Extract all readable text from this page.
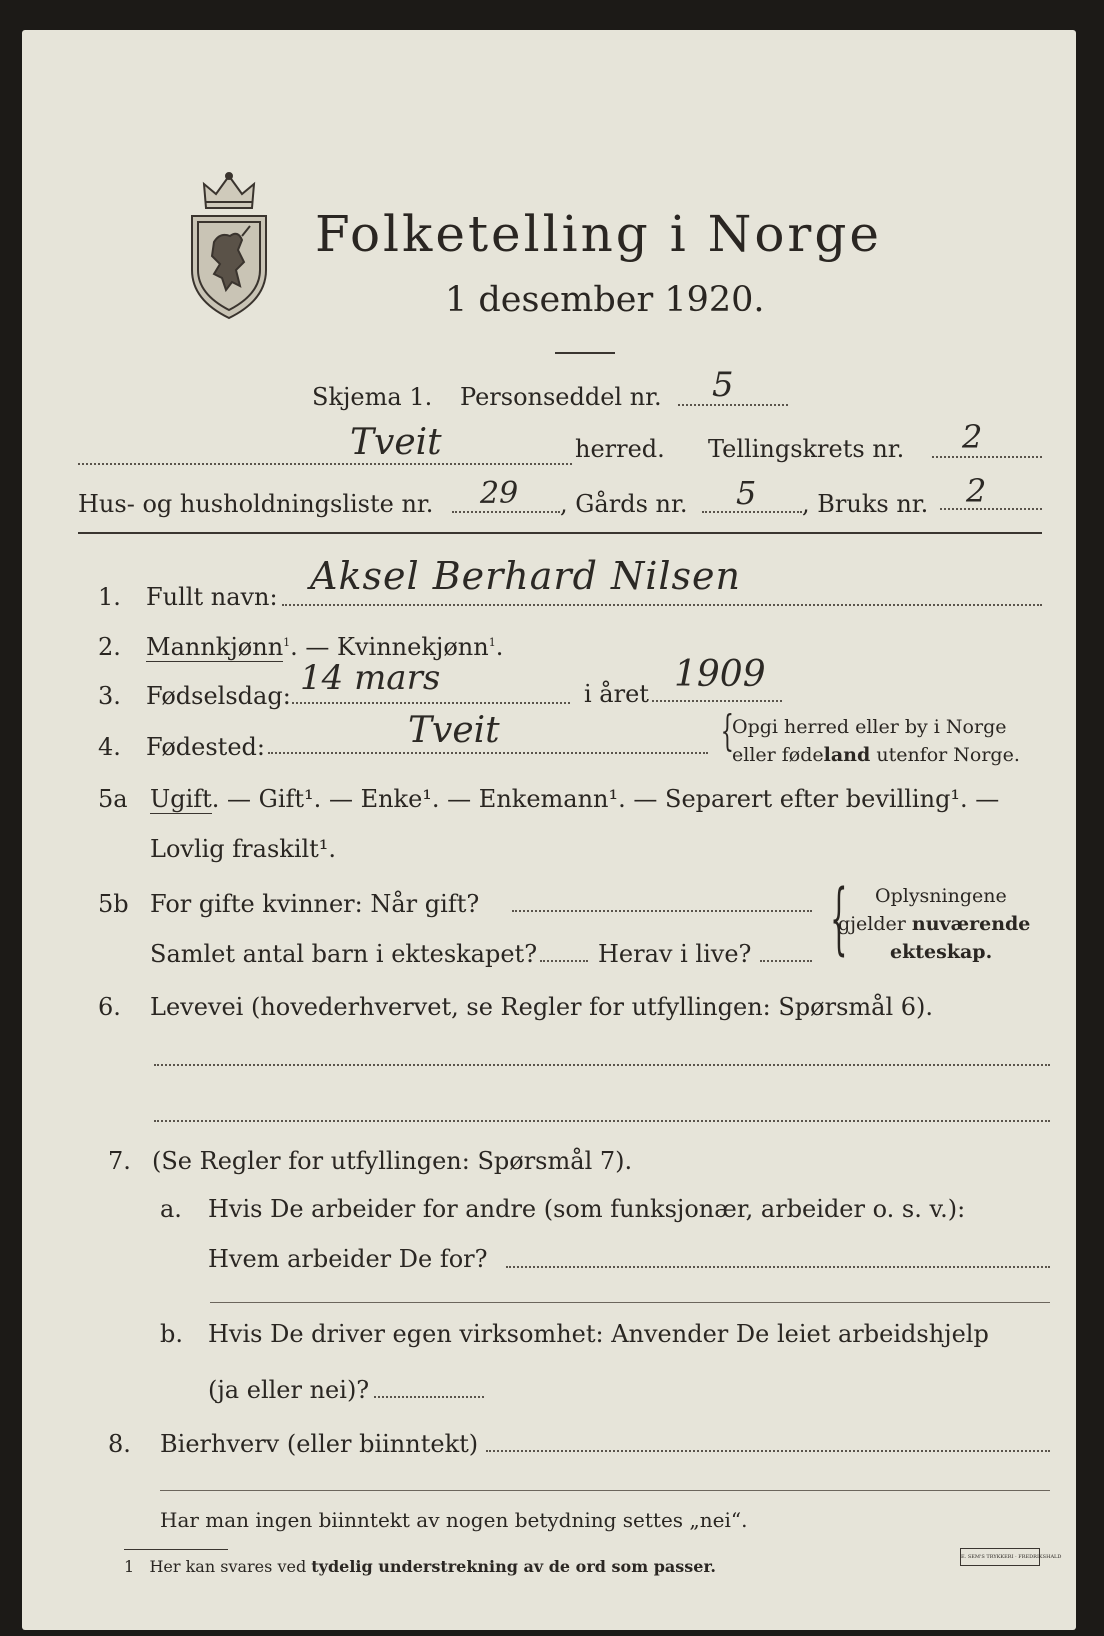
Folketelling i Norge
1 desember 1920.
Skjema 1. Personseddel nr. 5
Tveit	herred. Tellingskrets nr. 2
Hus- og husholdningsliste nr. 29 , Gårds nr. 5 , Bruks nr. 2
1. Fullt navn: Aksel Berhard Nilsen
2. Mannkjønn$^1$. — Kvinnekjønn$^1$.
3. Fødselsdag: 14 mars	i året 1909
4. Fødested:	Tveit	{
Opgi herred eller by i Norge
eller fødeland utenfor Norge.
5a Ugift. — Gift¹. — Enke¹. — Enkemann¹. — Separert efter bevilling¹. —
Lovlig fraskilt¹.
5b For gifte kvinner: Når gift?
Samlet antal barn i ekteskapet?	Herav i live? { Oplysningene
gjelder nuværende
ekteskap.
6. Levevei (hovederhvervet, se Regler for utfyllingen: Spørsmål 6).
7. (Se Regler for utfyllingen: Spørsmål 7).
a. Hvis De arbeider for andre (som funksjonær, arbeider o. s. v.):
Hvem arbeider De for?
b. Hvis De driver egen virksomhet: Anvender De leiet arbeidshjelp
(ja eller nei)?
8. Bierhverv (eller biinntekt)
Har man ingen biinntekt av nogen betydning settes „nei“.
1 Her kan svares ved tydelig understrekning av de ord som passer.	E. SEM'S TRYKKERI · FREDRIKSHALD
